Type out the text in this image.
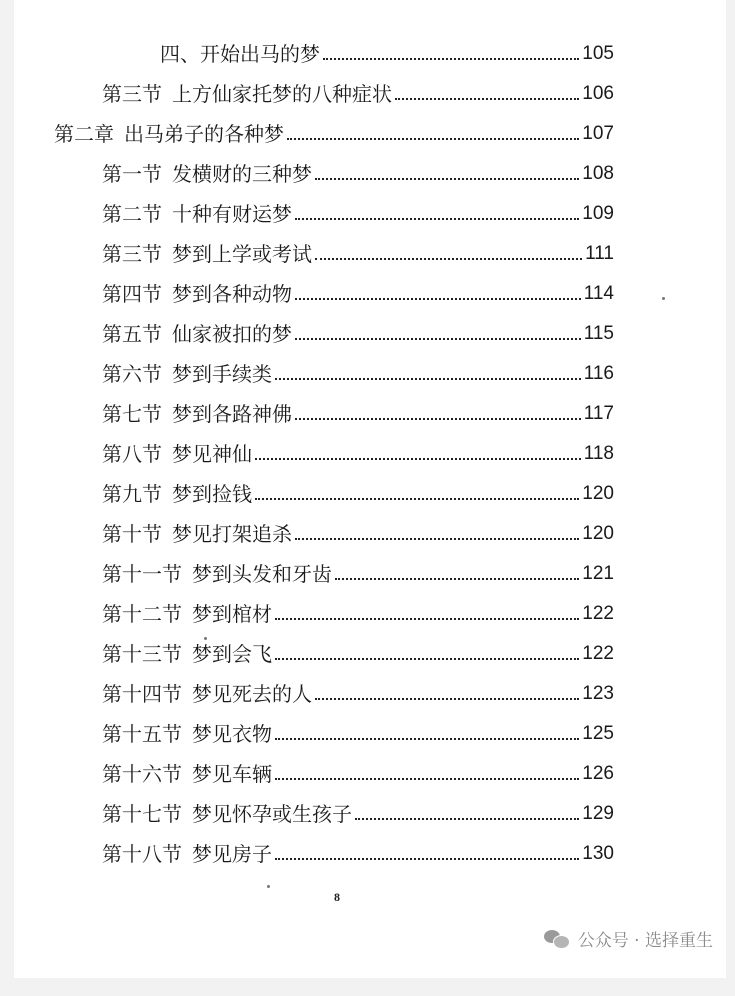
四、开始出马的梦	105
第三节 上方仙家托梦的八种症状	106
第二章 出马弟子的各种梦	107
第一节 发横财的三种梦	108
第二节 十种有财运梦	109
第三节 梦到上学或考试	111
第四节 梦到各种动物	114
第五节 仙家被扣的梦	115
第六节 梦到手续类	116
第七节 梦到各路神佛	117
第八节 梦见神仙	118
第九节 梦到捡钱	120
第十节 梦见打架追杀	120
第十一节 梦到头发和牙齿	121
第十二节 梦到棺材	122
第十三节 梦到会飞	122
第十四节 梦见死去的人	123
第十五节 梦见衣物	125
第十六节 梦见车辆	126
第十七节 梦见怀孕或生孩子	129
第十八节 梦见房子	130
8
公众号 · 选择重生
